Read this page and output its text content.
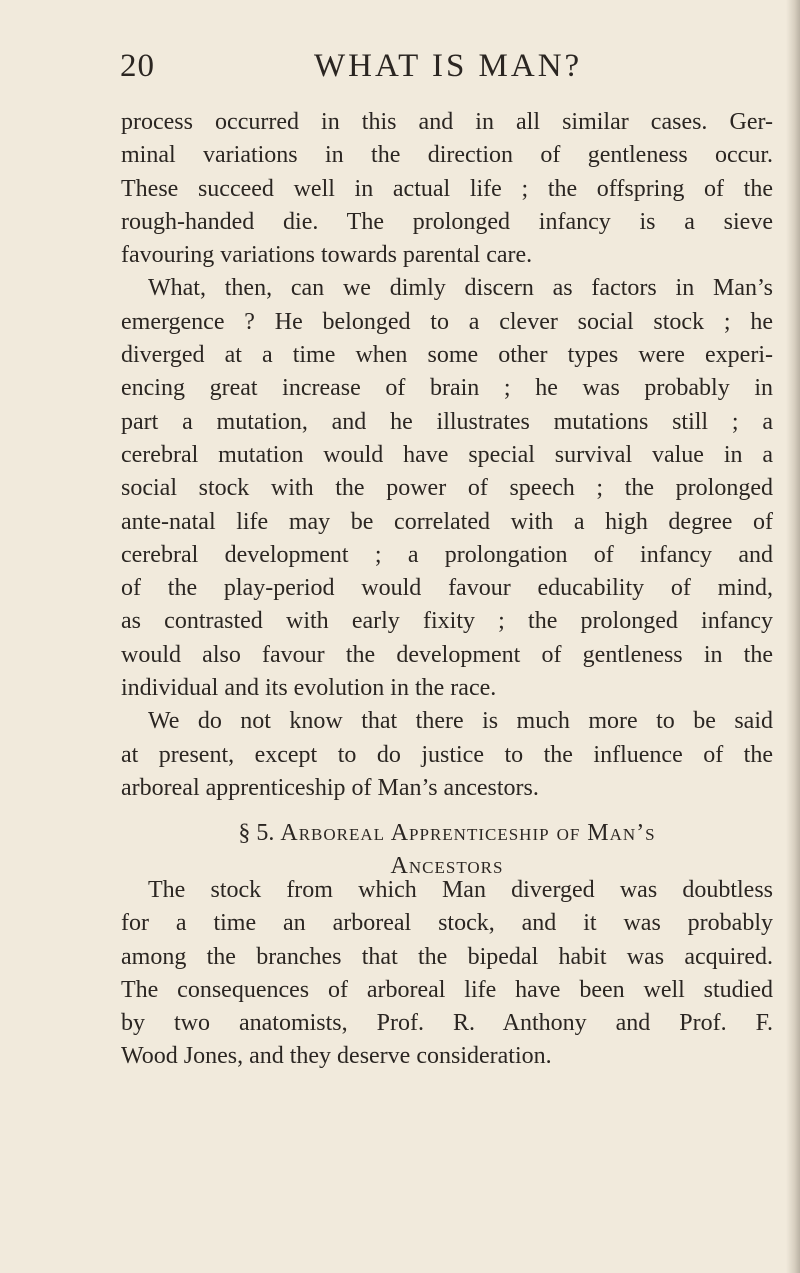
20	WHAT IS MAN?
process occurred in this and in all similar cases. Ger-
minal variations in the direction of gentleness occur.
These succeed well in actual life ; the offspring of the
rough-handed die. The prolonged infancy is a sieve
favouring variations towards parental care.
What, then, can we dimly discern as factors in Man’s
emergence ? He belonged to a clever social stock ; he
diverged at a time when some other types were experi-
encing great increase of brain ; he was probably in
part a mutation, and he illustrates mutations still ; a
cerebral mutation would have special survival value in a
social stock with the power of speech ; the prolonged
ante-natal life may be correlated with a high degree of
cerebral development ; a prolongation of infancy and
of the play-period would favour educability of mind,
as contrasted with early fixity ; the prolonged infancy
would also favour the development of gentleness in the
individual and its evolution in the race.
We do not know that there is much more to be said
at present, except to do justice to the influence of the
arboreal apprenticeship of Man’s ancestors.
§ 5. Arboreal Apprenticeship of Man’s
Ancestors
The stock from which Man diverged was doubtless
for a time an arboreal stock, and it was probably
among the branches that the bipedal habit was acquired.
The consequences of arboreal life have been well studied
by two anatomists, Prof. R. Anthony and Prof. F.
Wood Jones, and they deserve consideration.
